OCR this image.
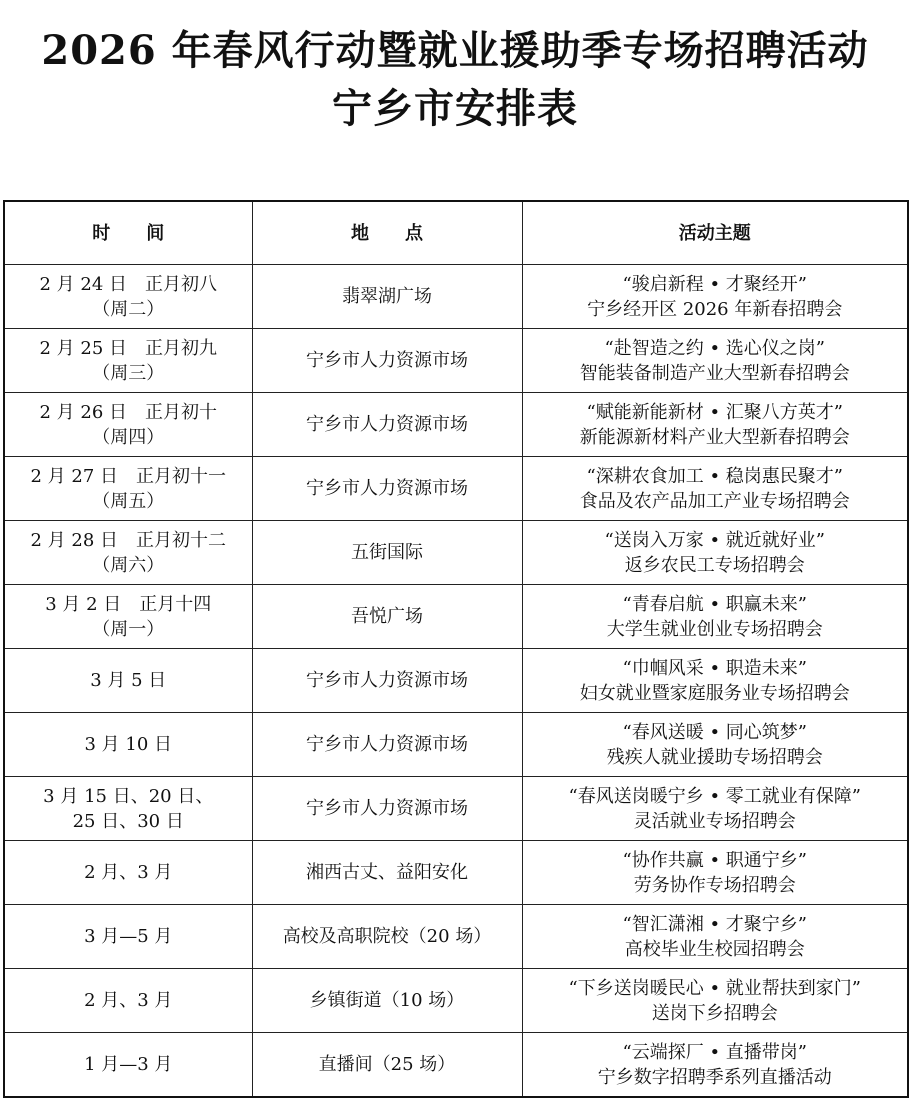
2026 年春风行动暨就业援助季专场招聘活动
宁乡市安排表
时　　间	地　　点	活动主题

2 月 24 日　正月初八
（周二）	翡翠湖广场	“骏启新程 • 才聚经开”
宁乡经开区 2026 年新春招聘会

2 月 25 日　正月初九
（周三）	宁乡市人力资源市场	“赴智造之约 • 选心仪之岗”
智能装备制造产业大型新春招聘会

2 月 26 日　正月初十
（周四）	宁乡市人力资源市场	“赋能新能新材 • 汇聚八方英才”
新能源新材料产业大型新春招聘会

2 月 27 日　正月初十一
（周五）	宁乡市人力资源市场	“深耕农食加工 • 稳岗惠民聚才”
食品及农产品加工产业专场招聘会

2 月 28 日　正月初十二
（周六）	五街国际	“送岗入万家 • 就近就好业”
返乡农民工专场招聘会

3 月 2 日　正月十四
（周一）	吾悦广场	“青春启航 • 职赢未来”
大学生就业创业专场招聘会

3 月 5 日	宁乡市人力资源市场	“巾帼风采 • 职造未来”
妇女就业暨家庭服务业专场招聘会

3 月 10 日	宁乡市人力资源市场	“春风送暖 • 同心筑梦”
残疾人就业援助专场招聘会

3 月 15 日、20 日、
25 日、30 日	宁乡市人力资源市场	“春风送岗暖宁乡 • 零工就业有保障”
灵活就业专场招聘会

2 月、3 月	湘西古丈、益阳安化	“协作共赢 • 职通宁乡”
劳务协作专场招聘会

3 月—5 月	高校及高职院校（20 场）	“智汇潇湘 • 才聚宁乡”
高校毕业生校园招聘会

2 月、3 月	乡镇街道（10 场）	“下乡送岗暖民心 • 就业帮扶到家门”
送岗下乡招聘会

1 月—3 月	直播间（25 场）	“云端探厂 • 直播带岗”
宁乡数字招聘季系列直播活动
